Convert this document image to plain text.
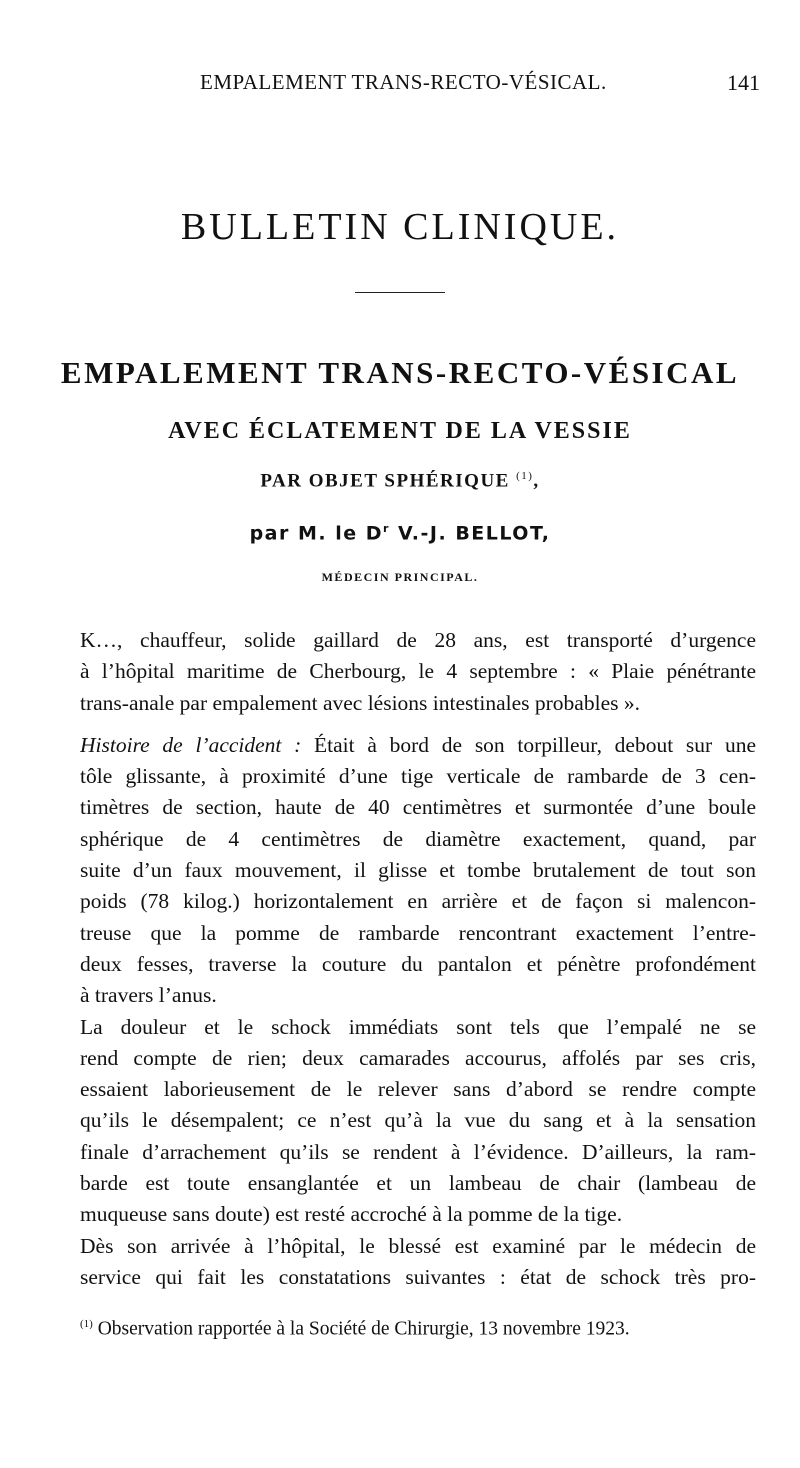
EMPALEMENT TRANS-RECTO-VÉSICAL.	141
BULLETIN CLINIQUE.
EMPALEMENT TRANS-RECTO-VÉSICAL
AVEC ÉCLATEMENT DE LA VESSIE
PAR OBJET SPHÉRIQUE $^{(1)}$,
par M. le $D^r$ V.-J. BELLOT,
MÉDECIN PRINCIPAL.

K…, chauffeur, solide gaillard de 28 ans, est transporté d’urgence
à l’hôpital maritime de Cherbourg, le 4 septembre : « Plaie pénétrante
trans-anale par empalement avec lésions intestinales probables ».

Histoire de l’accident : Était à bord de son torpilleur, debout sur une
tôle glissante, à proximité d’une tige verticale de rambarde de 3 cen-
timètres de section, haute de 40 centimètres et surmontée d’une boule
sphérique de 4 centimètres de diamètre exactement, quand, par
suite d’un faux mouvement, il glisse et tombe brutalement de tout son
poids (78 kilog.) horizontalement en arrière et de façon si malencon-
treuse que la pomme de rambarde rencontrant exactement l’entre-
deux fesses, traverse la couture du pantalon et pénètre profondément
à travers l’anus.

La douleur et le schock immédiats sont tels que l’empalé ne se
rend compte de rien; deux camarades accourus, affolés par ses cris,
essaient laborieusement de le relever sans d’abord se rendre compte
qu’ils le désempalent; ce n’est qu’à la vue du sang et à la sensation
finale d’arrachement qu’ils se rendent à l’évidence. D’ailleurs, la ram-
barde est toute ensanglantée et un lambeau de chair (lambeau de
muqueuse sans doute) est resté accroché à la pomme de la tige.

Dès son arrivée à l’hôpital, le blessé est examiné par le médecin de
service qui fait les constatations suivantes : état de schock très pro-

$^{(1)}$ Observation rapportée à la Société de Chirurgie, 13 novembre 1923.
